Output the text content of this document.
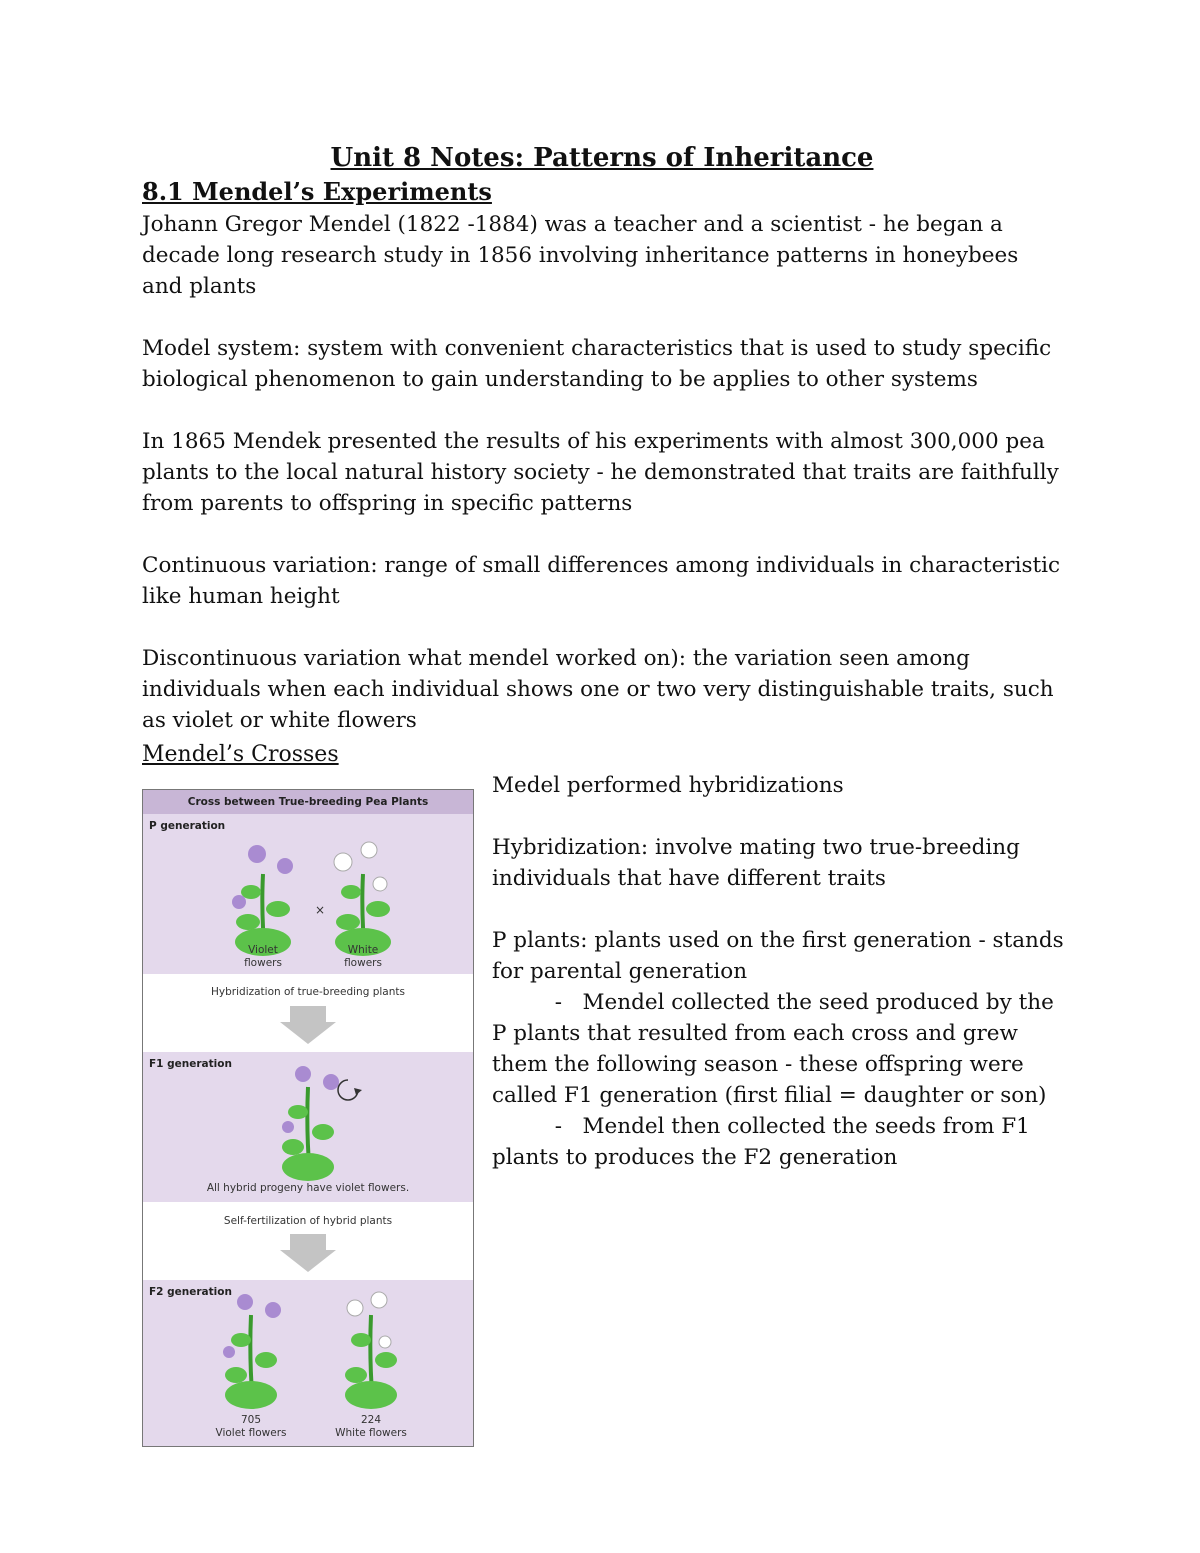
Unit 8 Notes: Patterns of Inheritance
8.1 Mendel’s Experiments

Johann Gregor Mendel (1822 -1884) was a teacher and a scientist - he began a decade long research study in 1856 involving inheritance patterns in honeybees and plants

Model system: system with convenient characteristics that is used to study specific biological phenomenon to gain understanding to be applies to other systems

In 1865 Mendek presented the results of his experiments with almost 300,000 pea plants to the local natural history society - he demonstrated that traits are faithfully from parents to offspring in specific patterns

Continuous variation: range of small differences among individuals in characteristic like human height

Discontinuous variation what mendel worked on): the variation seen among individuals when each individual shows one or two very distinguishable traits, such as violet or white flowers

Mendel’s Crosses
Cross between True-breeding Pea Plants
P generation
×
Violet
flowers
White
flowers
Hybridization of true-breeding plants
F1 generation
All hybrid progeny have violet flowers.
Self-fertilization of hybrid plants
F2 generation
705
Violet flowers
224
White flowers

Medel performed hybridizations

Hybridization: involve mating two true-breeding individuals that have different traits

P plants: plants used on the first generation - stands for parental generation

- Mendel collected the seed produced by the P plants that resulted from each cross and grew them the following season - these offspring were called F1 generation (first filial = daughter or son)
- Mendel then collected the seeds from F1 plants to produces the F2 generation
